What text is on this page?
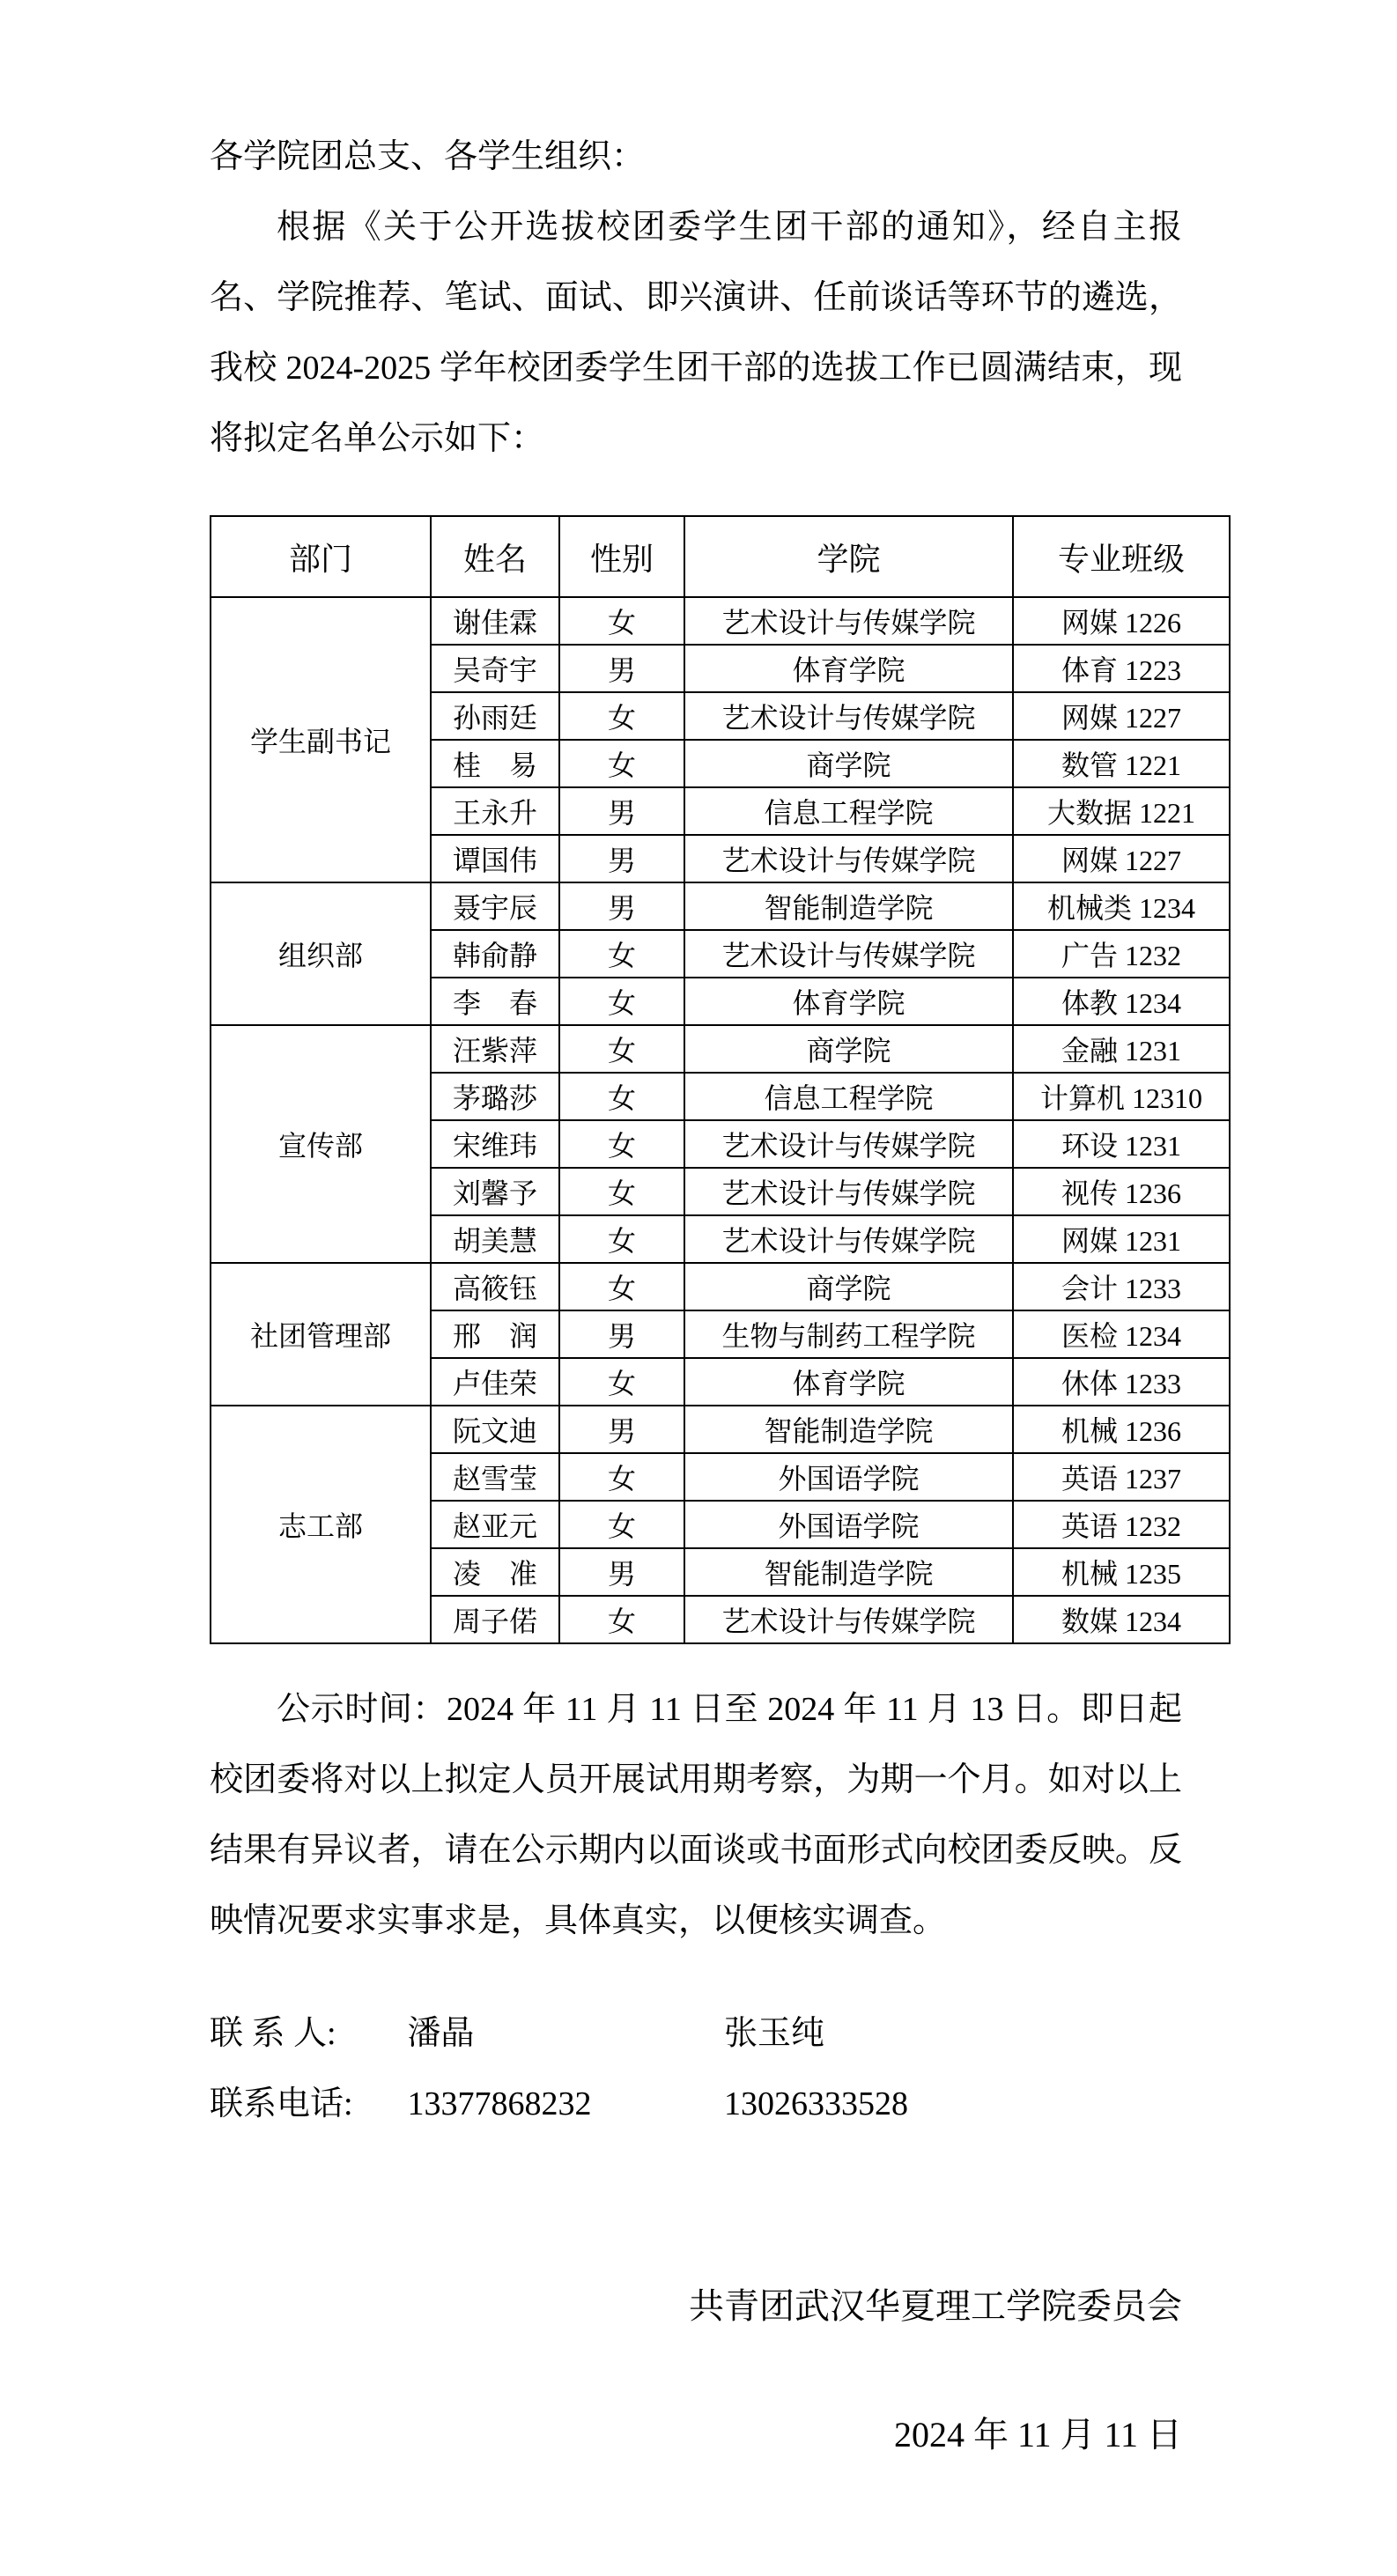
各学院团总支、各学生组织：

根据《关于公开选拔校团委学生团干部的通知》，经自主报名、学院推荐、笔试、面试、即兴演讲、任前谈话等环节的遴选，我校 2024-2025 学年校团委学生团干部的选拔工作已圆满结束，现将拟定名单公示如下：

部门	姓名	性别	学院	专业班级
学生副书记	谢佳霖	女	艺术设计与传媒学院	网媒 1226
	吴奇宇	男	体育学院	体育 1223
	孙雨廷	女	艺术设计与传媒学院	网媒 1227
	桂　易	女	商学院	数管 1221
	王永升	男	信息工程学院	大数据 1221
	谭国伟	男	艺术设计与传媒学院	网媒 1227
组织部	聂宇辰	男	智能制造学院	机械类 1234
	韩俞静	女	艺术设计与传媒学院	广告 1232
	李　春	女	体育学院	体教 1234
宣传部	汪紫萍	女	商学院	金融 1231
	茅璐莎	女	信息工程学院	计算机 12310
	宋维玮	女	艺术设计与传媒学院	环设 1231
	刘馨予	女	艺术设计与传媒学院	视传 1236
	胡美慧	女	艺术设计与传媒学院	网媒 1231
社团管理部	高筱钰	女	商学院	会计 1233
	邢　润	男	生物与制药工程学院	医检 1234
	卢佳荣	女	体育学院	休体 1233
志工部	阮文迪	男	智能制造学院	机械 1236
	赵雪莹	女	外国语学院	英语 1237
	赵亚元	女	外国语学院	英语 1232
	凌　准	男	智能制造学院	机械 1235
	周子偌	女	艺术设计与传媒学院	数媒 1234

公示时间：2024 年 11 月 11 日至 2024 年 11 月 13 日。即日起校团委将对以上拟定人员开展试用期考察，为期一个月。如对以上结果有异议者，请在公示期内以面谈或书面形式向校团委反映。反映情况要求实事求是，具体真实，以便核实调查。

联 系 人: 潘晶	张玉纯
联系电话: 13377868232	13026333528
共青团武汉华夏理工学院委员会
2024 年 11 月 11 日
